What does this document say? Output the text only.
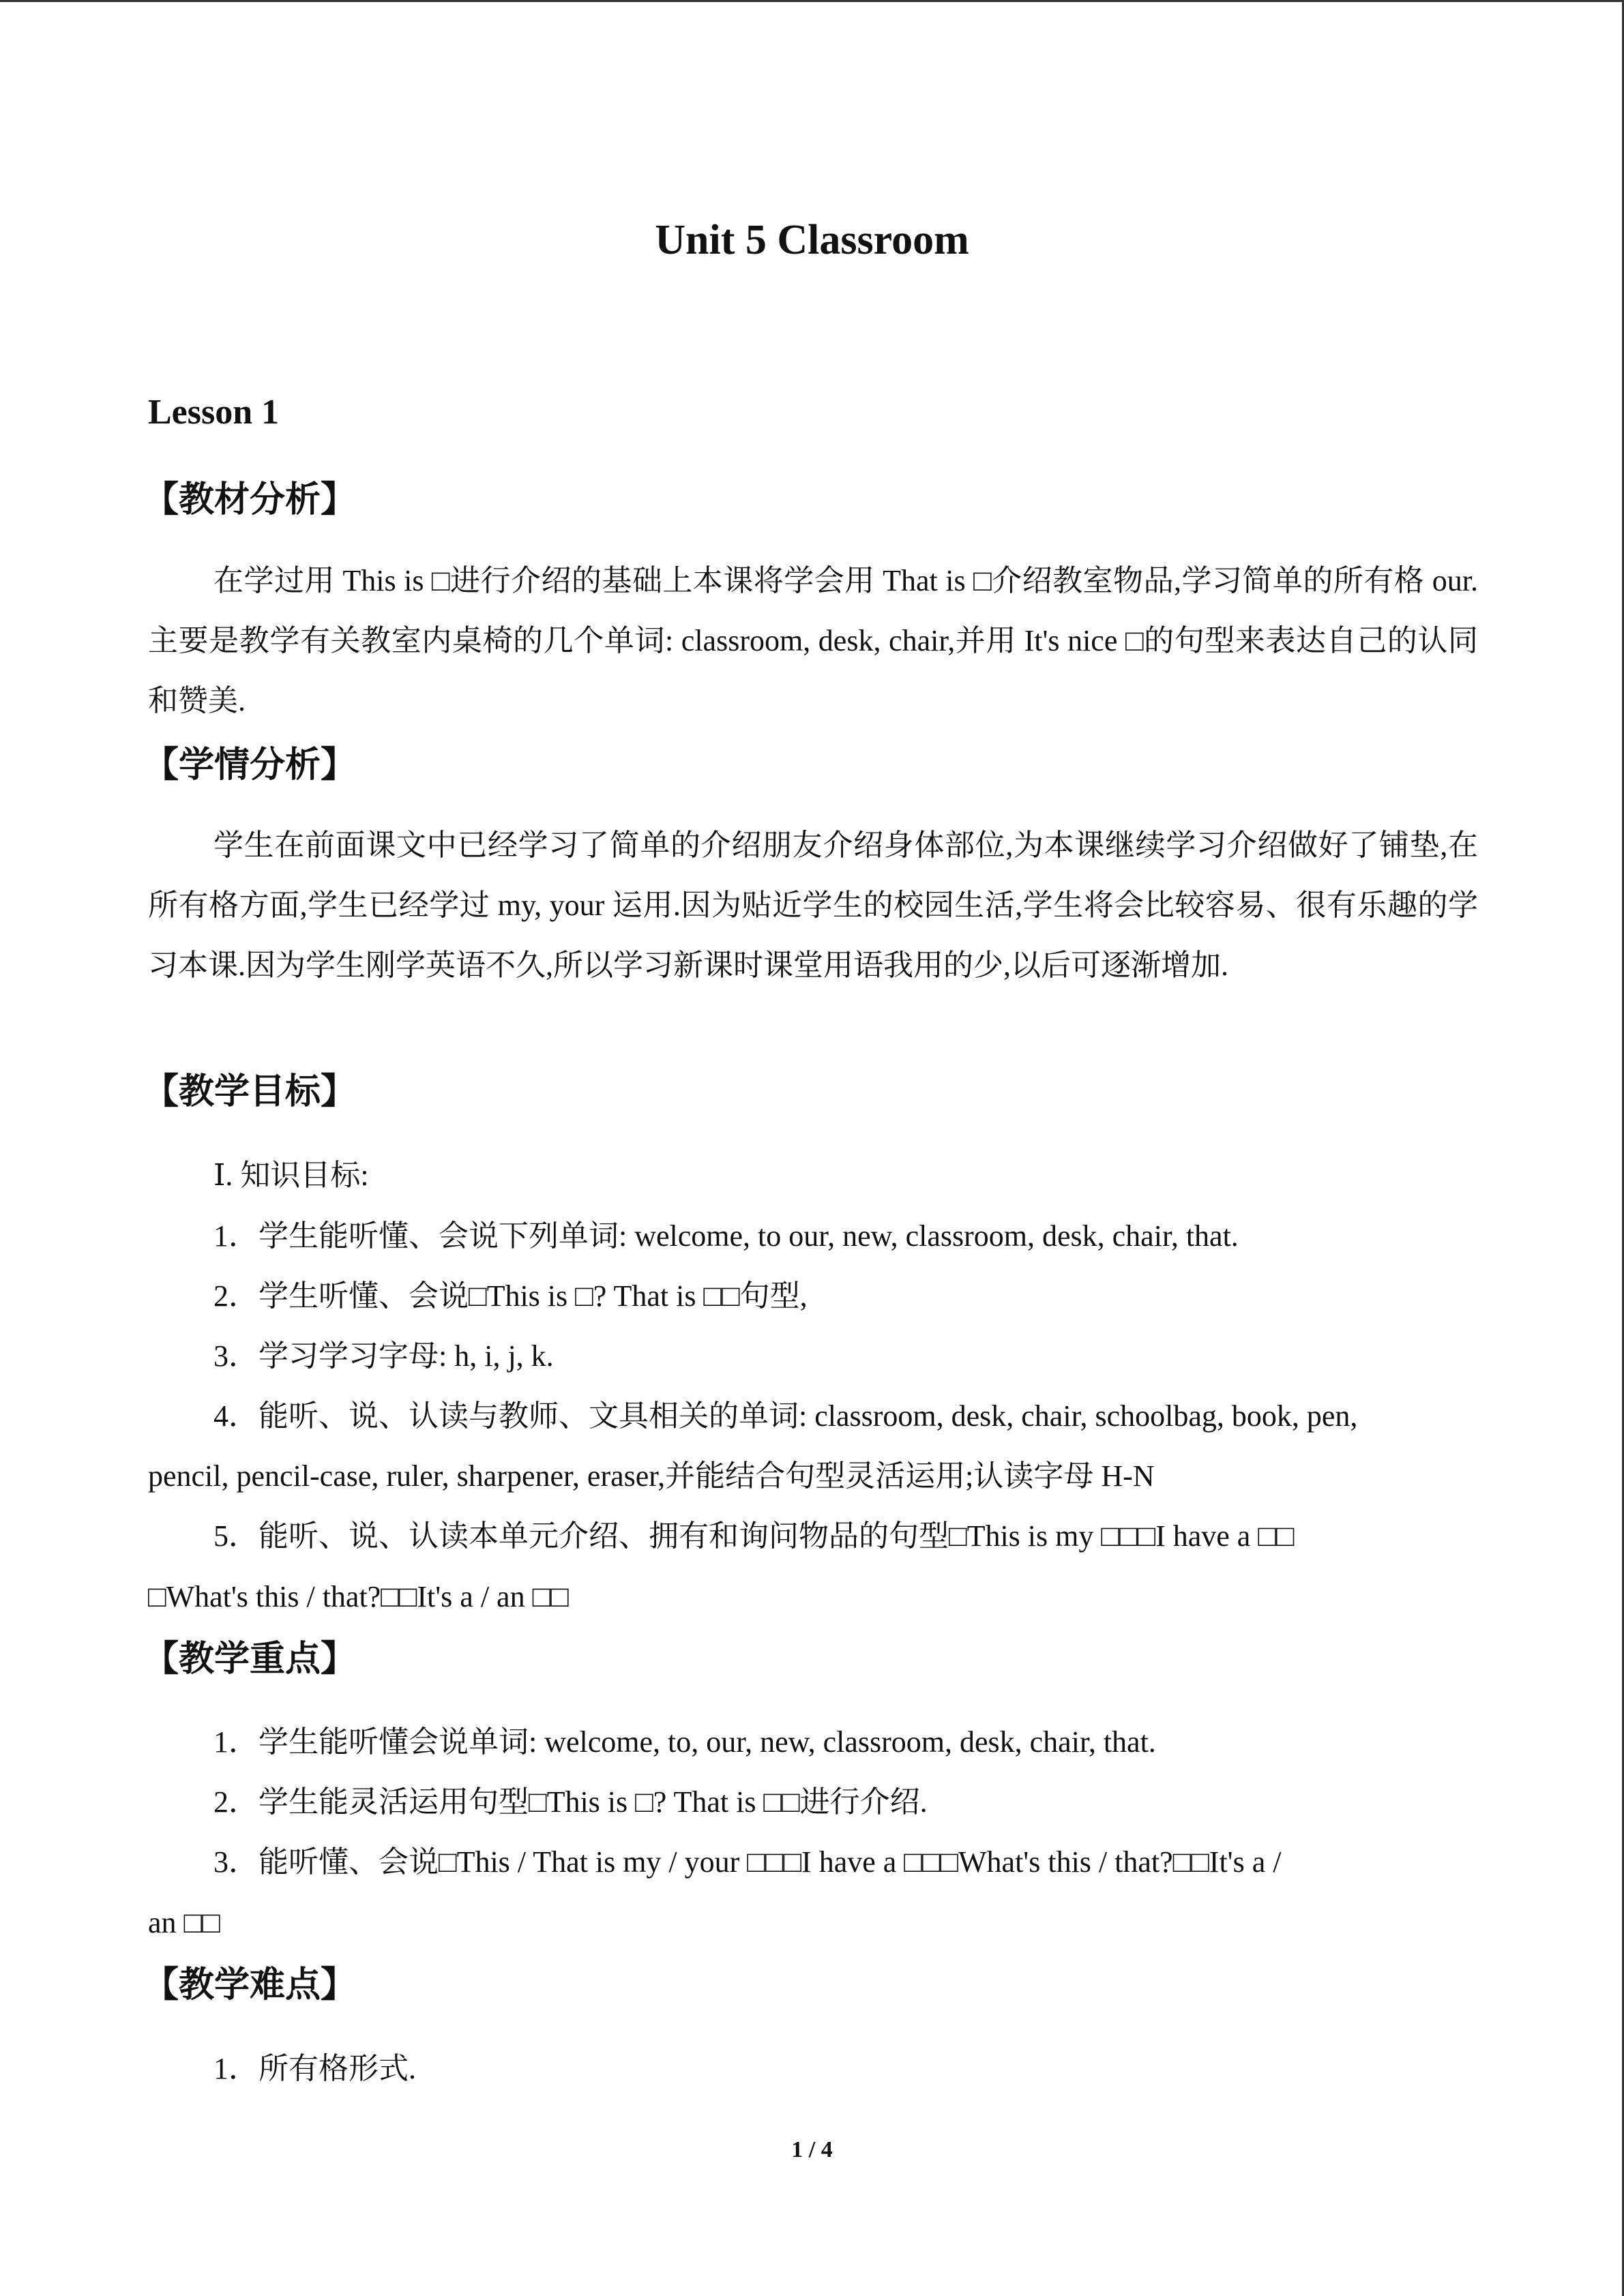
Unit 5 Classroom
Lesson 1
【教材分析】
在学过用 This is □进行介绍的基础上本课将学会用 That is □介绍教室物品,学习简单的所有格 our.主要是教学有关教室内桌椅的几个单词: classroom, desk, chair,并用 It's nice □的句型来表达自己的认同和赞美.
【学情分析】
学生在前面课文中已经学习了简单的介绍朋友介绍身体部位,为本课继续学习介绍做好了铺垫,在所有格方面,学生已经学过 my, your 运用.因为贴近学生的校园生活,学生将会比较容易、很有乐趣的学习本课.因为学生刚学英语不久,所以学习新课时课堂用语我用的少,以后可逐渐增加.
【教学目标】
Ⅰ. 知识目标:
1．学生能听懂、会说下列单词: welcome, to our, new, classroom, desk, chair, that.
2．学生听懂、会说□This is □? That is □□句型,
3．学习学习字母: h, i, j, k.
4．能听、说、认读与教师、文具相关的单词: classroom, desk, chair, schoolbag, book, pen,
pencil, pencil-case, ruler, sharpener, eraser,并能结合句型灵活运用;认读字母 H-N
5．能听、说、认读本单元介绍、拥有和询问物品的句型□This is my □□□I have a □□
□What's this / that?□□It's a / an □□
【教学重点】
1．学生能听懂会说单词: welcome, to, our, new, classroom, desk, chair, that.
2．学生能灵活运用句型□This is □? That is □□进行介绍.
3．能听懂、会说□This / That is my / your □□□I have a □□□What's this / that?□□It's a /
an □□
【教学难点】
1．所有格形式.
1 / 4
